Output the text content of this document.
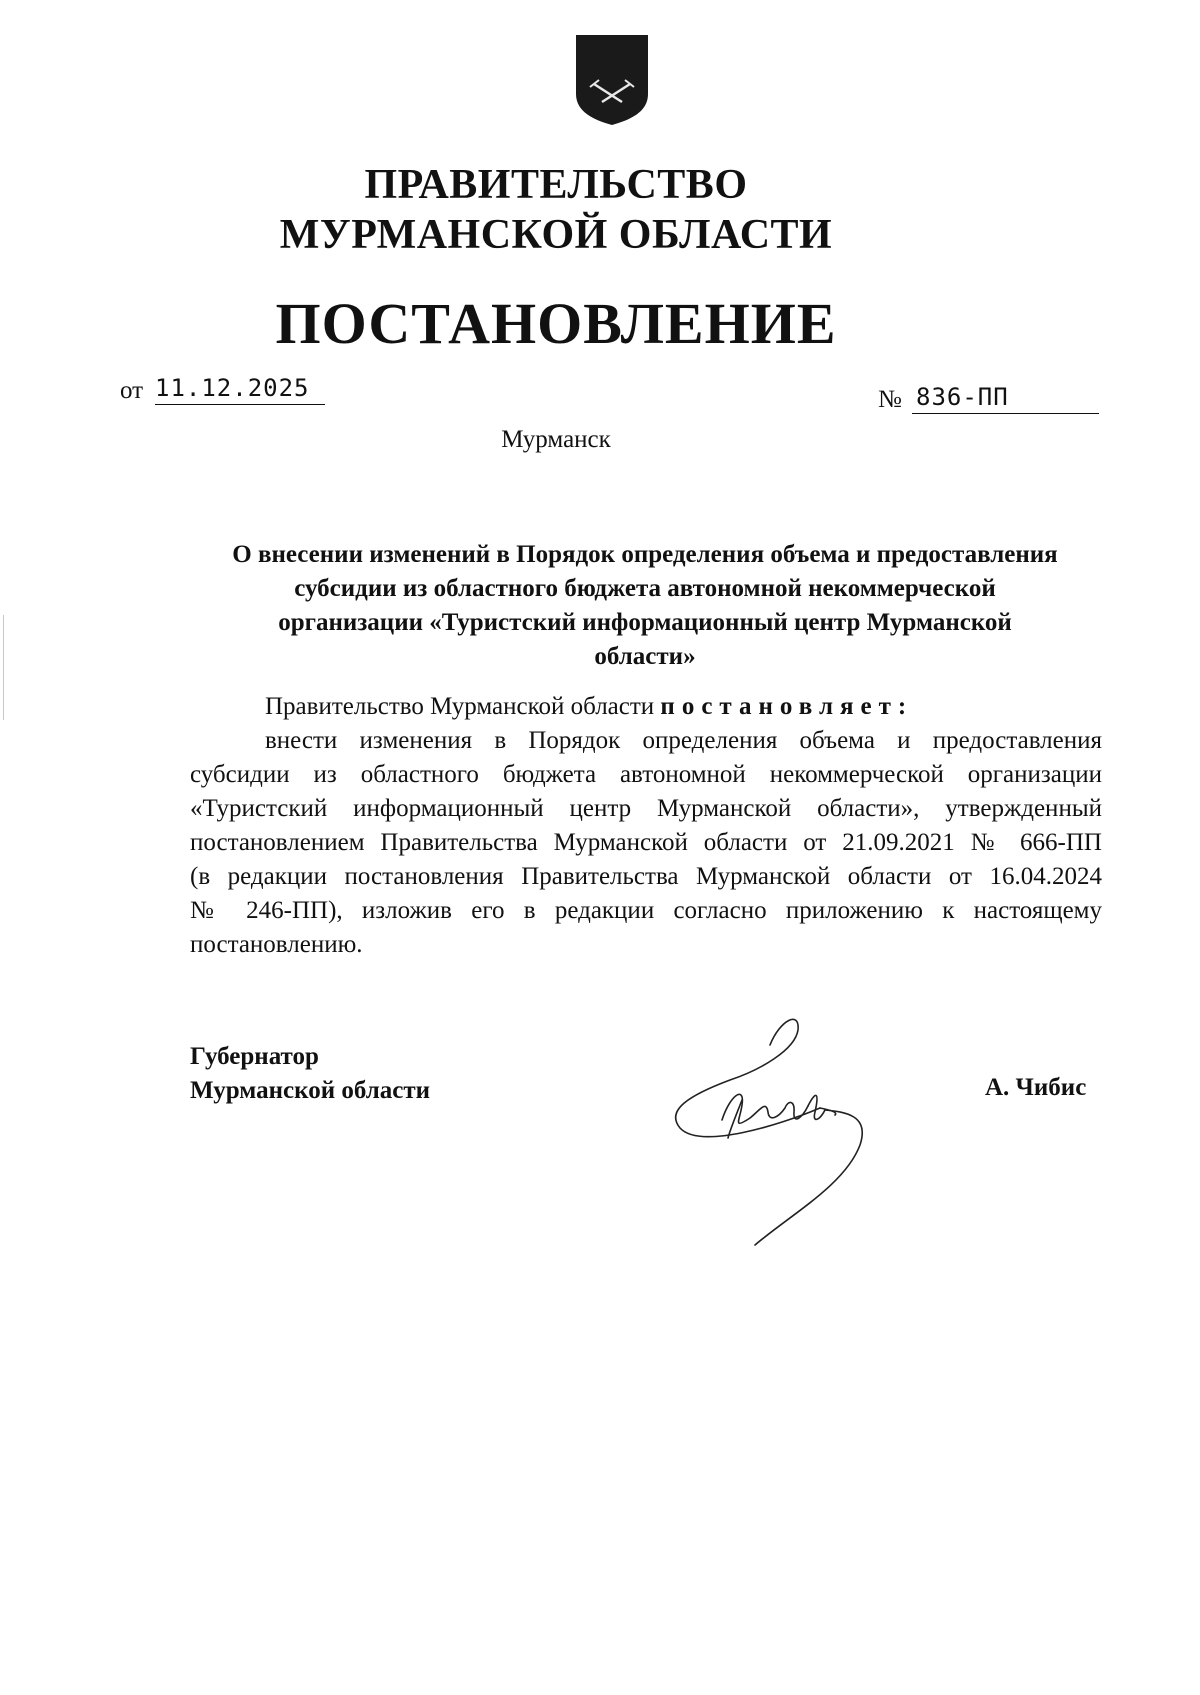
ПРАВИТЕЛЬСТВО
МУРМАНСКОЙ ОБЛАСТИ
ПОСТАНОВЛЕНИЕ
от 11.12.2025	№ 836-ПП
Мурманск
О внесении изменений в Порядок определения объема и предоставления
субсидии из областного бюджета автономной некоммерческой
организации «Туристский информационный центр Мурманской
области»
Правительство Мурманской области постановляет:
внести изменения в Порядок определения объема и предоставления
субсидии из областного бюджета автономной некоммерческой организации
«Туристский информационный центр Мурманской области», утвержденный
постановлением Правительства Мурманской области от 21.09.2021 № 666-ПП
(в редакции постановления Правительства Мурманской области от 16.04.2024
№ 246-ПП), изложив его в редакции согласно приложению к настоящему
постановлению.
Губернатор
Мурманской области	А. Чибис
